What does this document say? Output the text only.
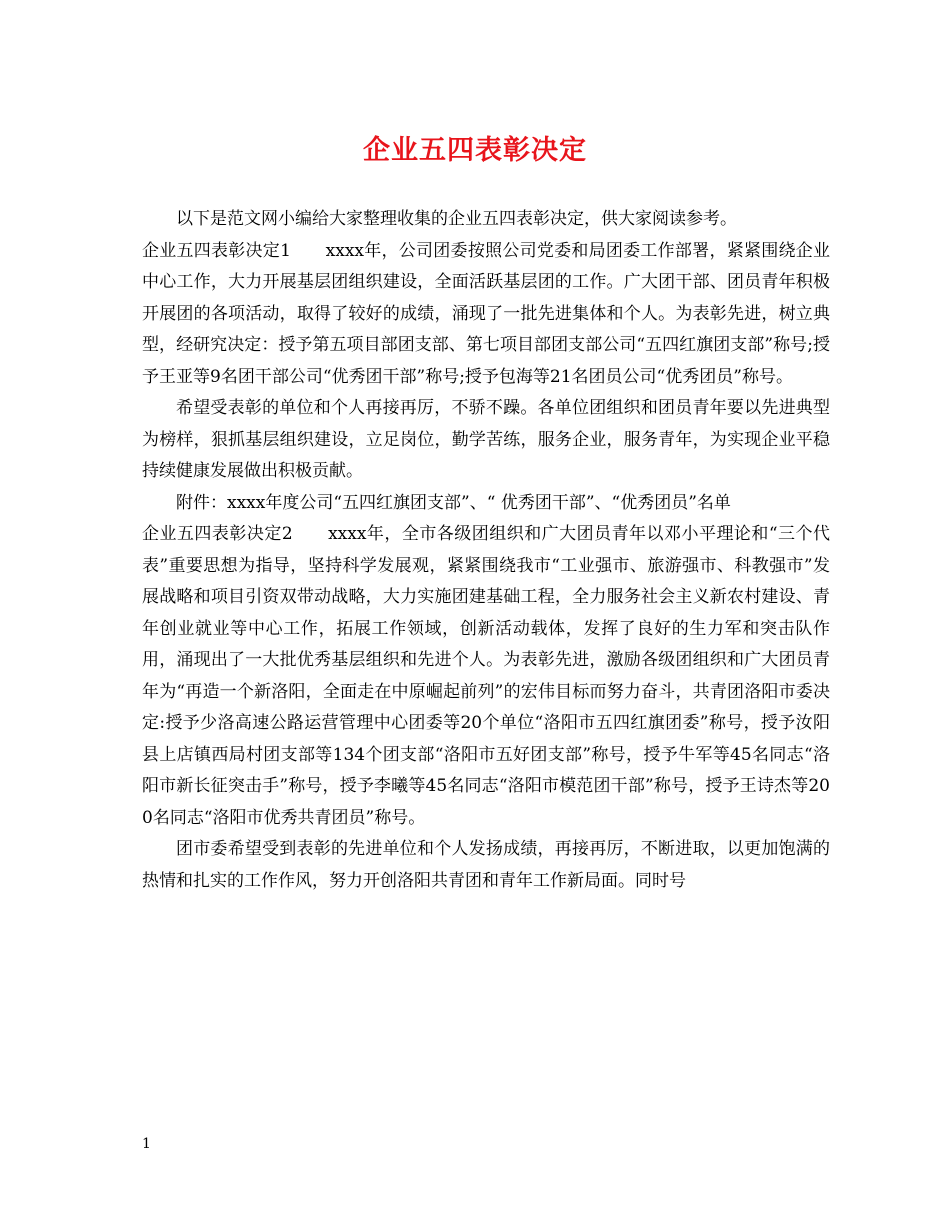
企业五四表彰决定

以下是范文网小编给大家整理收集的企业五四表彰决定，供大家阅读参考。

企业五四表彰决定1　　xxxx年，公司团委按照公司党委和局团委工作部署，紧紧围绕企业中心工作，大力开展基层团组织建设，全面活跃基层团的工作。广大团干部、团员青年积极开展团的各项活动，取得了较好的成绩，涌现了一批先进集体和个人。为表彰先进，树立典型，经研究决定：授予第五项目部团支部、第七项目部团支部公司“五四红旗团支部”称号;授予王亚等9名团干部公司“优秀团干部”称号;授予包海等21名团员公司“优秀团员”称号。

希望受表彰的单位和个人再接再厉，不骄不躁。各单位团组织和团员青年要以先进典型为榜样，狠抓基层组织建设，立足岗位，勤学苦练，服务企业，服务青年，为实现企业平稳持续健康发展做出积极贡献。

附件：xxxx年度公司“五四红旗团支部”、“ 优秀团干部”、“优秀团员”名单

企业五四表彰决定2　　xxxx年，全市各级团组织和广大团员青年以邓小平理论和“三个代表”重要思想为指导，坚持科学发展观，紧紧围绕我市“工业强市、旅游强市、科教强市”发展战略和项目引资双带动战略，大力实施团建基础工程，全力服务社会主义新农村建设、青年创业就业等中心工作，拓展工作领域，创新活动载体，发挥了良好的生力军和突击队作用，涌现出了一大批优秀基层组织和先进个人。为表彰先进，激励各级团组织和广大团员青年为“再造一个新洛阳，全面走在中原崛起前列”的宏伟目标而努力奋斗，共青团洛阳市委决定:授予少洛高速公路运营管理中心团委等20个单位“洛阳市五四红旗团委”称号，授予汝阳县上店镇西局村团支部等134个团支部“洛阳市五好团支部”称号，授予牛军等45名同志“洛阳市新长征突击手”称号，授予李曦等45名同志“洛阳市模范团干部”称号，授予王诗杰等200名同志“洛阳市优秀共青团员”称号。

团市委希望受到表彰的先进单位和个人发扬成绩，再接再厉，不断进取，以更加饱满的热情和扎实的工作作风，努力开创洛阳共青团和青年工作新局面。同时号

1
